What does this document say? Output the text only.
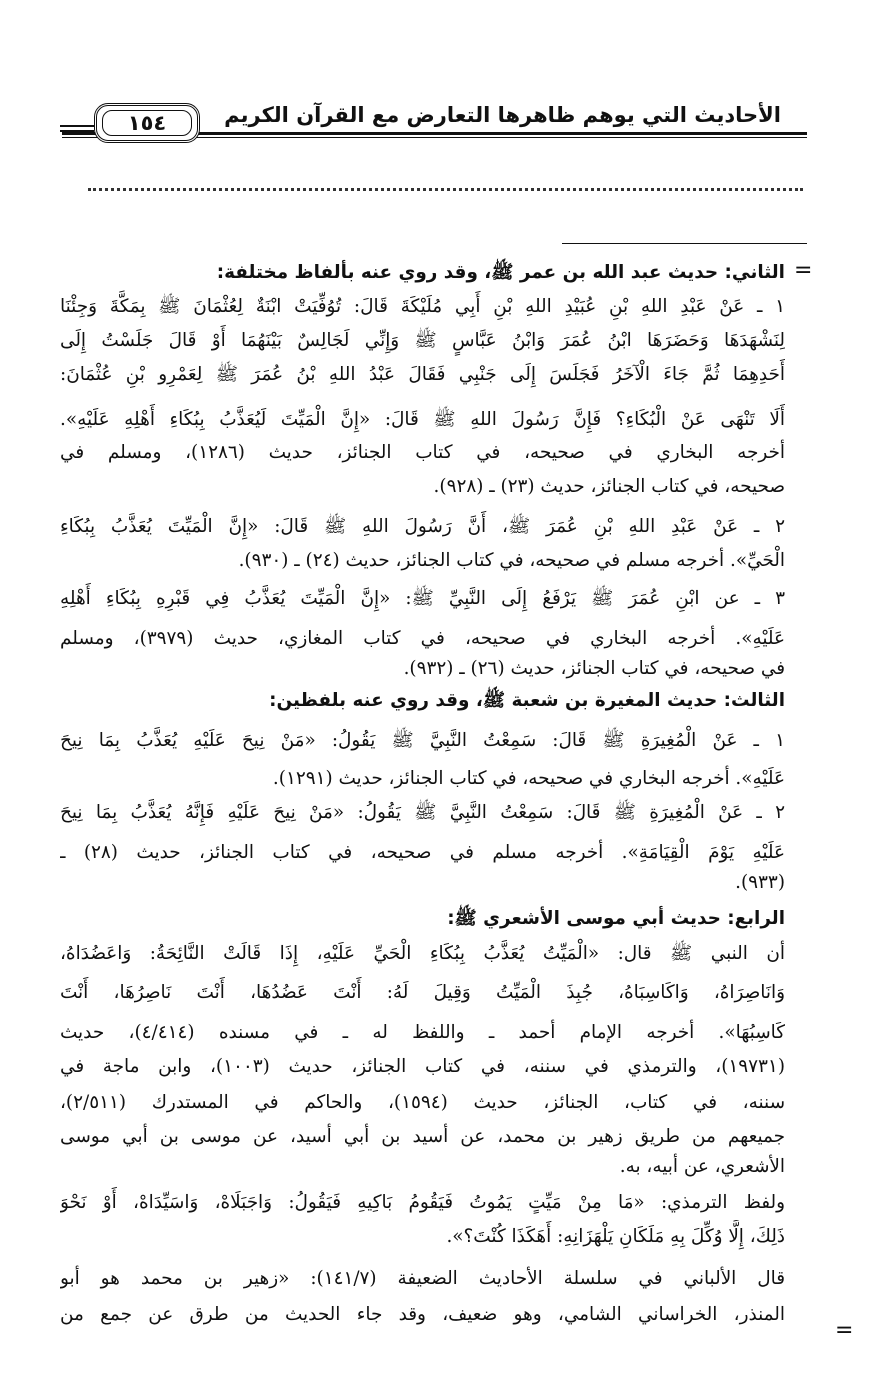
الأحاديث التي يوهم ظاهرها التعارض مع القرآن الكريم
١٥٤
=
=
الثاني: حديث عبد الله بن عمر ﷺ، وقد روي عنه بألفاظ مختلفة:
١ ـ عَنْ عَبْدِ اللهِ بْنِ عُبَيْدِ اللهِ بْنِ أَبِي مُلَيْكَةَ قَالَ: تُوُفِّيَتْ ابْنَةٌ لِعُثْمَانَ ﷺ بِمَكَّةَ وَجِئْنَا
لِنَشْهَدَهَا وَحَضَرَهَا ابْنُ عُمَرَ وَابْنُ عَبَّاسٍ ﷺ وَإِنِّي لَجَالِسٌ بَيْنَهُمَا أَوْ قَالَ جَلَسْتُ إِلَى
أَحَدِهِمَا ثُمَّ جَاءَ الْآخَرُ فَجَلَسَ إِلَى جَنْبِي فَقَالَ عَبْدُ اللهِ بْنُ عُمَرَ ﷺ لِعَمْرِو بْنِ عُثْمَانَ:
أَلَا تَنْهَى عَنْ الْبُكَاءِ؟ فَإِنَّ رَسُولَ اللهِ ﷺ قَالَ: «إِنَّ الْمَيِّتَ لَيُعَذَّبُ بِبُكَاءِ أَهْلِهِ عَلَيْهِ».
أخرجه البخاري في صحيحه، في كتاب الجنائز، حديث (١٢٨٦)، ومسلم في
صحيحه، في كتاب الجنائز، حديث (٢٣) ـ (٩٢٨).
٢ ـ عَنْ عَبْدِ اللهِ بْنِ عُمَرَ ﷺ، أَنَّ رَسُولَ اللهِ ﷺ قَالَ: «إِنَّ الْمَيِّتَ يُعَذَّبُ بِبُكَاءِ
الْحَيِّ». أخرجه مسلم في صحيحه، في كتاب الجنائز، حديث (٢٤) ـ (٩٣٠).
٣ ـ عن ابْنِ عُمَرَ ﷺ يَرْفَعُ إِلَى النَّبِيِّ ﷺ: «إِنَّ الْمَيِّتَ يُعَذَّبُ فِي قَبْرِهِ بِبُكَاءِ أَهْلِهِ
عَلَيْهِ». أخرجه البخاري في صحيحه، في كتاب المغازي، حديث (٣٩٧٩)، ومسلم
في صحيحه، في كتاب الجنائز، حديث (٢٦) ـ (٩٣٢).
الثالث: حديث المغيرة بن شعبة ﷺ، وقد روي عنه بلفظين:
١ ـ عَنْ الْمُغِيرَةِ ﷺ قَالَ: سَمِعْتُ النَّبِيَّ ﷺ يَقُولُ: «مَنْ نِيحَ عَلَيْهِ يُعَذَّبُ بِمَا نِيحَ
عَلَيْهِ». أخرجه البخاري في صحيحه، في كتاب الجنائز، حديث (١٢٩١).
٢ ـ عَنْ الْمُغِيرَةِ ﷺ قَالَ: سَمِعْتُ النَّبِيَّ ﷺ يَقُولُ: «مَنْ نِيحَ عَلَيْهِ فَإِنَّهُ يُعَذَّبُ بِمَا نِيحَ
عَلَيْهِ يَوْمَ الْقِيَامَةِ». أخرجه مسلم في صحيحه، في كتاب الجنائز، حديث (٢٨) ـ
(٩٣٣).
الرابع: حديث أبي موسى الأشعري ﷺ:
أن النبي ﷺ قال: «الْمَيِّتُ يُعَذَّبُ بِبُكَاءِ الْحَيِّ عَلَيْهِ، إِذَا قَالَتْ النَّائِحَةُ: وَاعَضُدَاهُ،
وَانَاصِرَاهُ، وَاكَاسِبَاهُ، جُبِذَ الْمَيِّتُ وَقِيلَ لَهُ: أَنْتَ عَضُدُهَا، أَنْتَ نَاصِرُهَا، أَنْتَ
كَاسِبُهَا». أخرجه الإمام أحمد ـ واللفظ له ـ في مسنده (٤/٤١٤)، حديث
(١٩٧٣١)، والترمذي في سننه، في كتاب الجنائز، حديث (١٠٠٣)، وابن ماجة في
سننه، في كتاب، الجنائز، حديث (١٥٩٤)، والحاكم في المستدرك (٢/٥١١)،
جميعهم من طريق زهير بن محمد، عن أسيد بن أبي أسيد، عن موسى بن أبي موسى
الأشعري، عن أبيه، به.
ولفظ الترمذي: «مَا مِنْ مَيِّتٍ يَمُوتُ فَيَقُومُ بَاكِيهِ فَيَقُولُ: وَاجَبَلَاهْ، وَاسَيِّدَاهْ، أَوْ نَحْوَ
ذَلِكَ، إِلَّا وُكِّلَ بِهِ مَلَكَانِ يَلْهَزَانِهِ: أَهَكَذَا كُنْتَ؟».
قال الألباني في سلسلة الأحاديث الضعيفة (١٤١/٧): «زهير بن محمد هو أبو
المنذر، الخراساني الشامي، وهو ضعيف، وقد جاء الحديث من طرق عن جمع من
